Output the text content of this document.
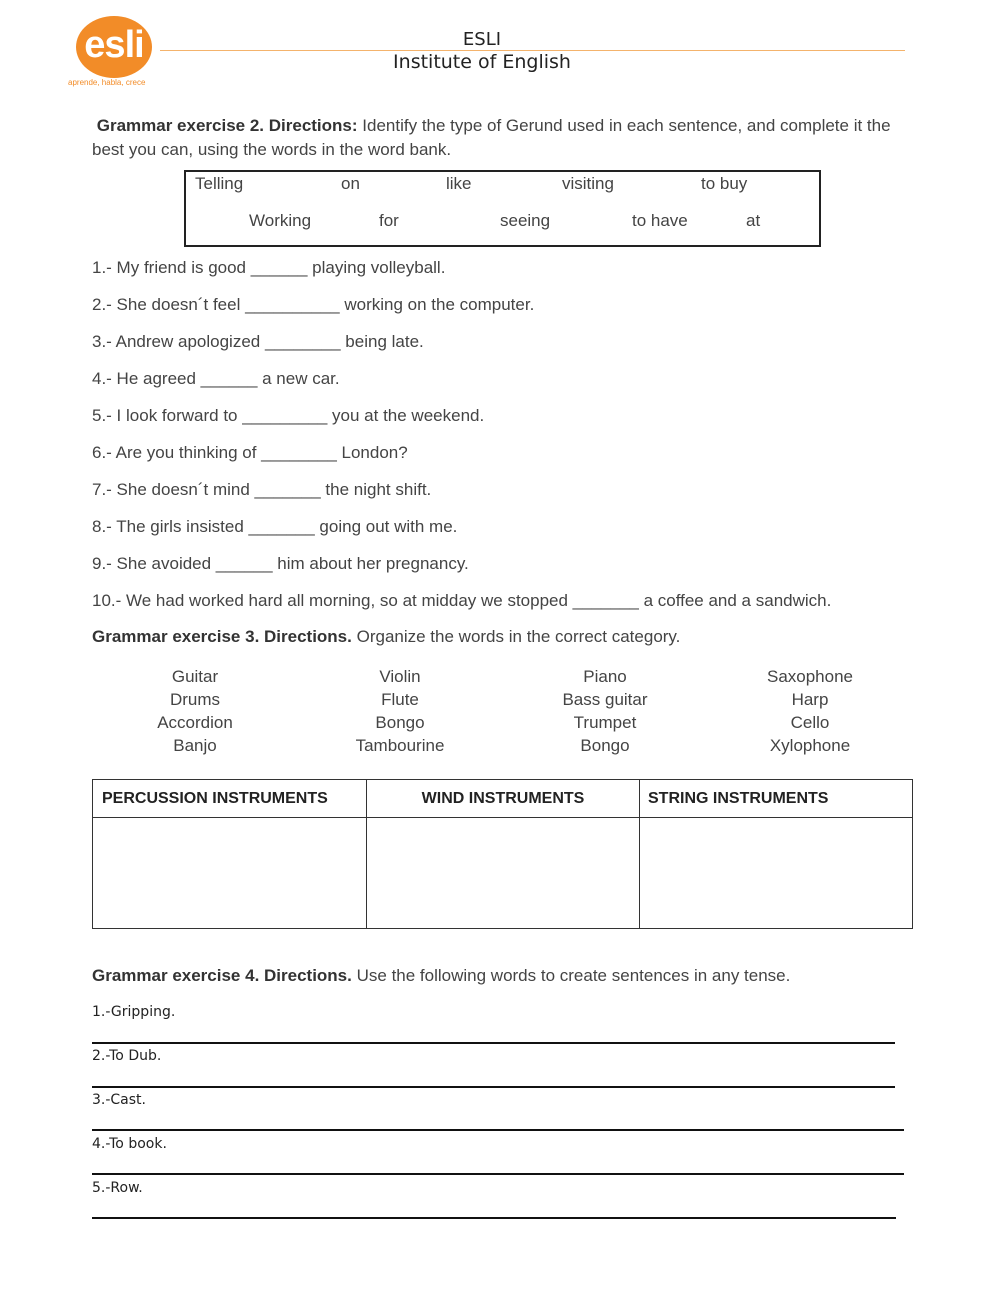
esli
aprende, habla, crece
ESLI
Institute of English
Grammar exercise 2. Directions: Identify the type of Gerund used in each sentence, and complete it the best you can, using the words in the word bank.
Telling	on	like	visiting	to buy
Working	for	seeing	to have	at
1.- My friend is good ______ playing volleyball.
2.- She doesn´t feel __________ working on the computer.
3.- Andrew apologized ________ being late.
4.- He agreed ______ a new car.
5.- I look forward to _________ you at the weekend.
6.- Are you thinking of ________ London?
7.- She doesn´t mind _______ the night shift.
8.- The girls insisted _______ going out with me.
9.- She avoided ______ him about her pregnancy.
10.- We had worked hard all morning, so at midday we stopped _______ a coffee and a sandwich.
Grammar exercise 3. Directions. Organize the words in the correct category.
Guitar	Violin	Piano	Saxophone
Drums	Flute	Bass guitar	Harp
Accordion	Bongo	Trumpet	Cello
Banjo	Tambourine	Bongo	Xylophone
PERCUSSION INSTRUMENTS	WIND INSTRUMENTS	STRING INSTRUMENTS
Grammar exercise 4. Directions. Use the following words to create sentences in any tense.
1.-Gripping.
2.-To Dub.
3.-Cast.
4.-To book.
5.-Row.
